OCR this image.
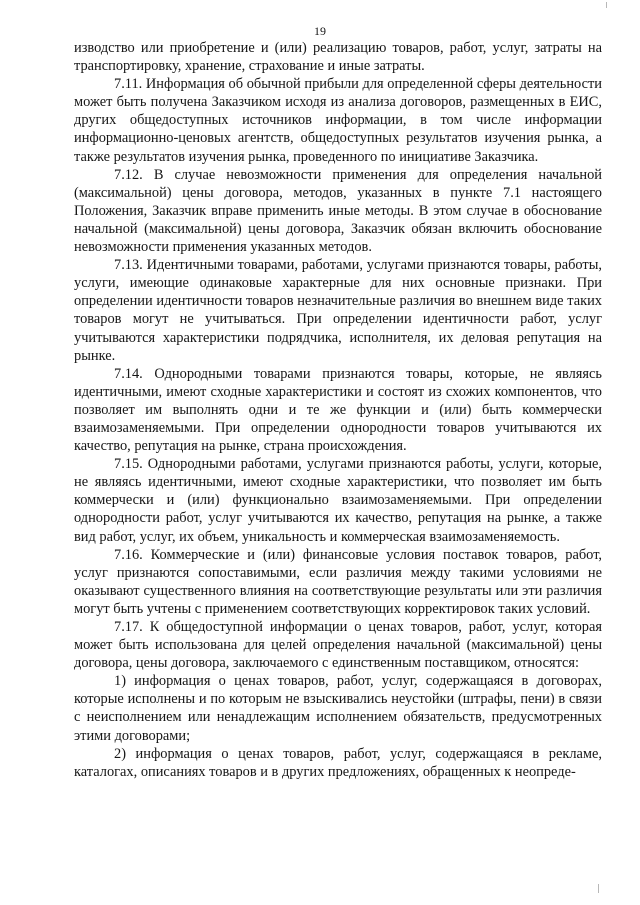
19

изводство или приобретение и (или) реализацию товаров, работ, услуг, затраты на транспортировку, хранение, страхование и иные затраты.

7.11. Информация об обычной прибыли для определенной сферы деятельности может быть получена Заказчиком исходя из анализа договоров, размещенных в ЕИС, других общедоступных источников информации, в том числе информации информационно-ценовых агентств, общедоступных результатов изучения рынка, а также результатов изучения рынка, проведенного по инициативе Заказчика.

7.12. В случае невозможности применения для определения начальной (максимальной) цены договора, методов, указанных в пункте 7.1 настоящего Положения, Заказчик вправе применить иные методы. В этом случае в обоснование начальной (максимальной) цены договора, Заказчик обязан включить обоснование невозможности применения указанных методов.

7.13. Идентичными товарами, работами, услугами признаются товары, работы, услуги, имеющие одинаковые характерные для них основные признаки. При определении идентичности товаров незначительные различия во внешнем виде таких товаров могут не учитываться. При определении идентичности работ, услуг учитываются характеристики подрядчика, исполнителя, их деловая репутация на рынке.

7.14. Однородными товарами признаются товары, которые, не являясь идентичными, имеют сходные характеристики и состоят из схожих компонентов, что позволяет им выполнять одни и те же функции и (или) быть коммерчески взаимозаменяемыми. При определении однородности товаров учитываются их качество, репутация на рынке, страна происхождения.

7.15. Однородными работами, услугами признаются работы, услуги, которые, не являясь идентичными, имеют сходные характеристики, что позволяет им быть коммерчески и (или) функционально взаимозаменяемыми. При определении однородности работ, услуг учитываются их качество, репутация на рынке, а также вид работ, услуг, их объем, уникальность и коммерческая взаимозаменяемость.

7.16. Коммерческие и (или) финансовые условия поставок товаров, работ, услуг признаются сопоставимыми, если различия между такими условиями не оказывают существенного влияния на соответствующие результаты или эти различия могут быть учтены с применением соответствующих корректировок таких условий.

7.17. К общедоступной информации о ценах товаров, работ, услуг, которая может быть использована для целей определения начальной (максимальной) цены договора, цены договора, заключаемого с единственным поставщиком, относятся:

1) информация о ценах товаров, работ, услуг, содержащаяся в договорах, которые исполнены и по которым не взыскивались неустойки (штрафы, пени) в связи с неисполнением или ненадлежащим исполнением обязательств, предусмотренных этими договорами;

2) информация о ценах товаров, работ, услуг, содержащаяся в рекламе, каталогах, описаниях товаров и в других предложениях, обращенных к неопреде-
